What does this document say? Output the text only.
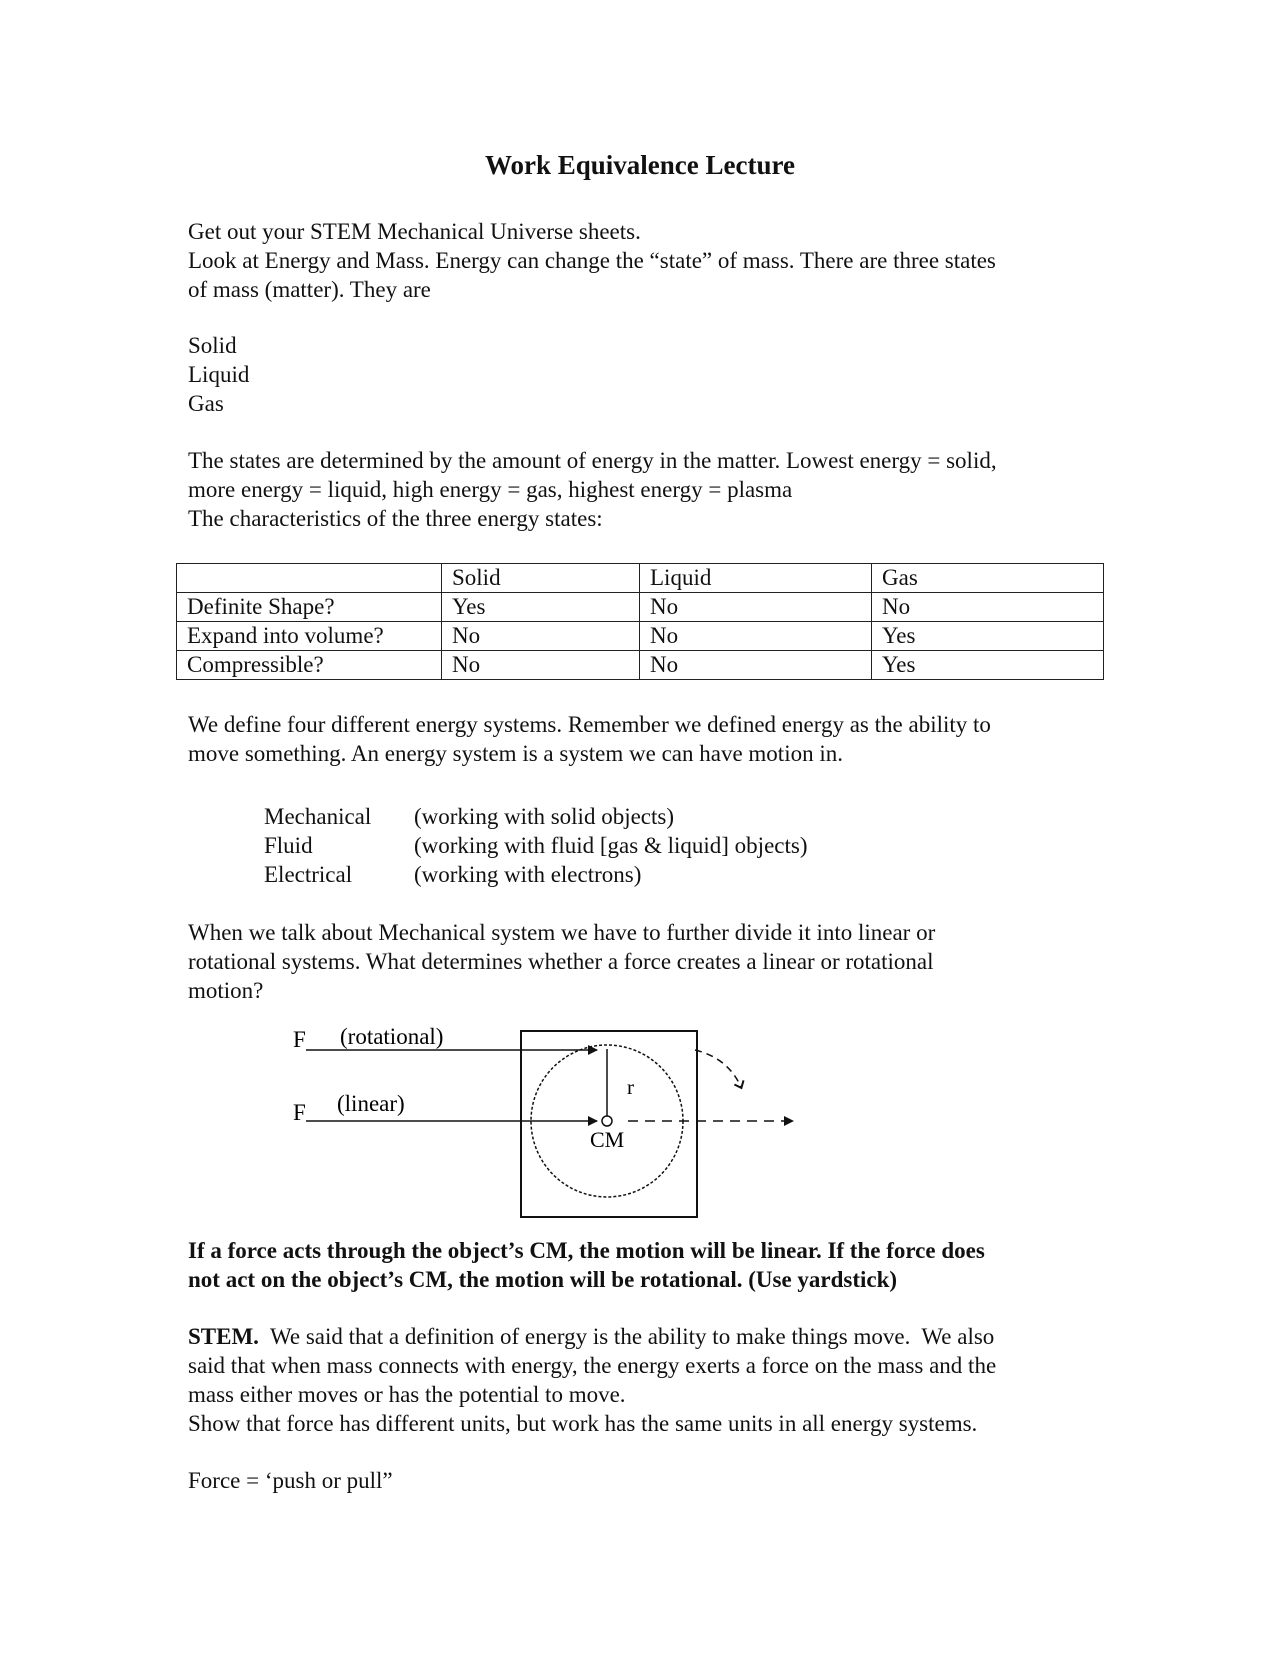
Work Equivalence Lecture
Get out your STEM Mechanical Universe sheets.
Look at Energy and Mass. Energy can change the “state” of mass. There are three states
of mass (matter). They are
Solid
Liquid
Gas
The states are determined by the amount of energy in the matter. Lowest energy = solid,
more energy = liquid, high energy = gas, highest energy = plasma
The characteristics of the three energy states:
	Solid	Liquid	Gas
Definite Shape?	Yes	No	No
Expand into volume?	No	No	Yes
Compressible?	No	No	Yes
We define four different energy systems. Remember we defined energy as the ability to
move something. An energy system is a system we can have motion in.
Mechanical	(working with solid objects)
Fluid	(working with fluid [gas & liquid] objects)
Electrical	(working with electrons)
When we talk about Mechanical system we have to further divide it into linear or
rotational systems. What determines whether a force creates a linear or rotational
motion?
F (rotational)
F (linear)
r
CM
If a force acts through the object’s CM, the motion will be linear. If the force does
not act on the object’s CM, the motion will be rotational. (Use yardstick)
STEM.  We said that a definition of energy is the ability to make things move.  We also
said that when mass connects with energy, the energy exerts a force on the mass and the
mass either moves or has the potential to move.
Show that force has different units, but work has the same units in all energy systems.
Force = ‘push or pull”
